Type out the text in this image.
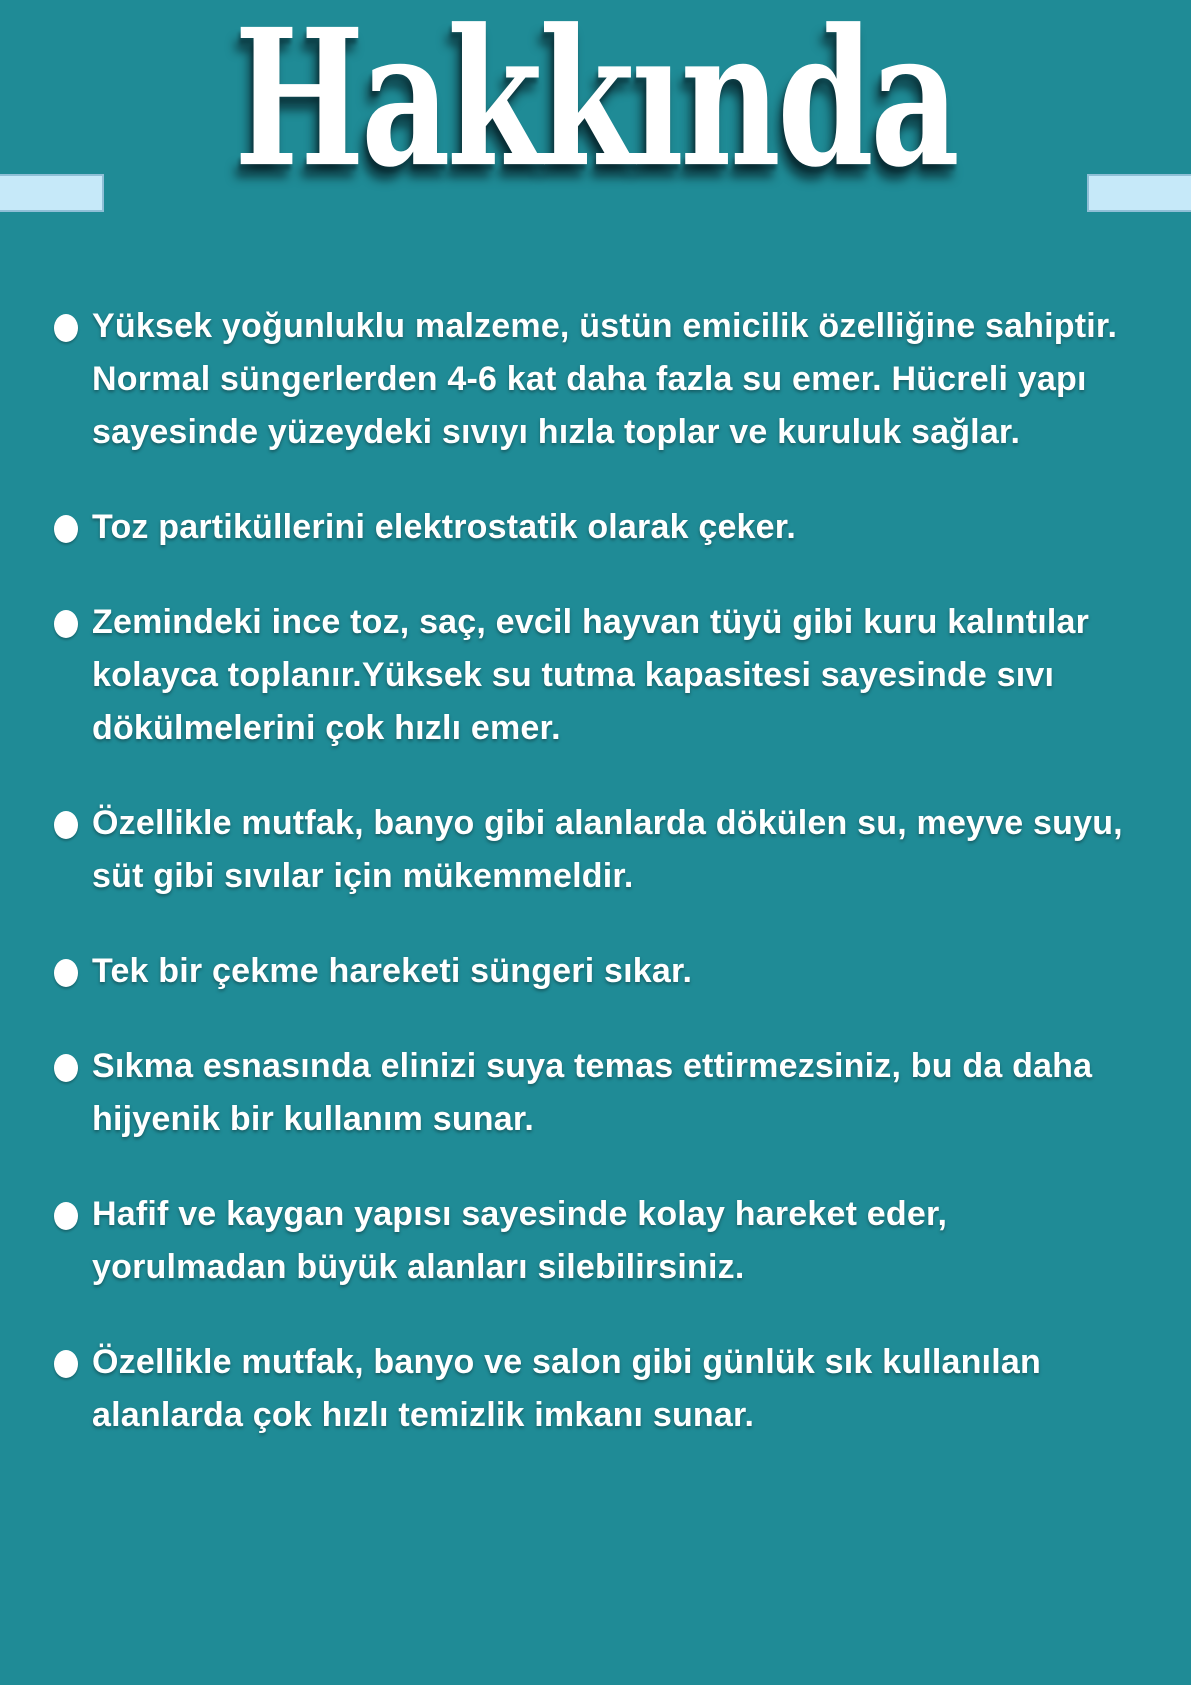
Hakkında
Yüksek yoğunluklu malzeme, üstün emicilik özelliğine sahiptir. Normal süngerlerden 4-6 kat daha fazla su emer. Hücreli yapı sayesinde yüzeydeki sıvıyı hızla toplar ve kuruluk sağlar.
Toz partiküllerini elektrostatik olarak çeker.
Zemindeki ince toz, saç, evcil hayvan tüyü gibi kuru kalıntılar kolayca toplanır.Yüksek su tutma kapasitesi sayesinde sıvı dökülmelerini çok hızlı emer.
Özellikle mutfak, banyo gibi alanlarda dökülen su, meyve suyu, süt gibi sıvılar için mükemmeldir.
Tek bir çekme hareketi süngeri sıkar.
Sıkma esnasında elinizi suya temas ettirmezsiniz, bu da daha hijyenik bir kullanım sunar.
Hafif ve kaygan yapısı sayesinde kolay hareket eder, yorulmadan büyük alanları silebilirsiniz.
Özellikle mutfak, banyo ve salon gibi günlük sık kullanılan alanlarda çok hızlı temizlik imkanı sunar.
